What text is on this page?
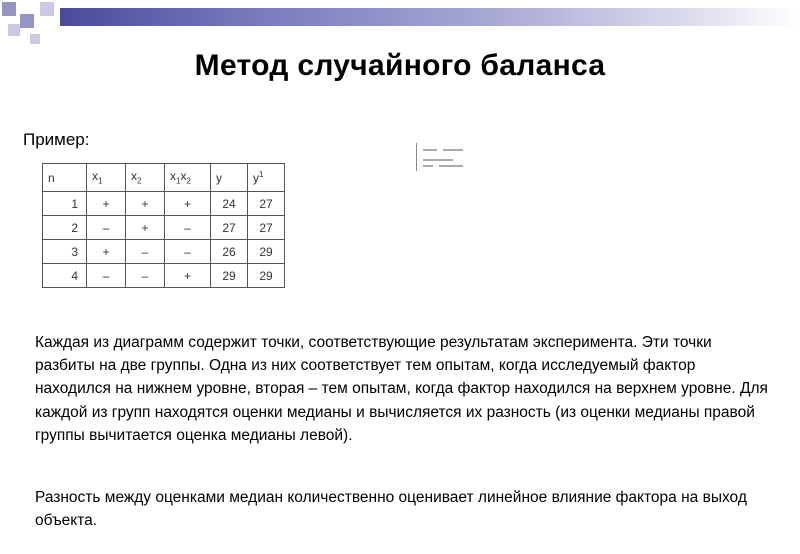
Метод случайного баланса
Пример:
n	$x_1$	$x_2$	$x_1x_2$	y	$y^1$
1	+	+	+	24	27
2	–	+	–	27	27
3	+	–	–	26	29
4	–	–	+	29	29
Каждая из диаграмм содержит точки, соответствующие результатам эксперимента. Эти точки разбиты на две группы. Одна из них соответствует тем опытам, когда исследуемый фактор находился на нижнем уровне, вторая – тем опытам, когда фактор находился на верхнем уровне. Для каждой из групп находятся оценки медианы и вычисляется их разность (из оценки медианы правой группы вычитается оценка медианы левой).
Разность между оценками медиан количественно оценивает линейное влияние фактора на выход объекта.
